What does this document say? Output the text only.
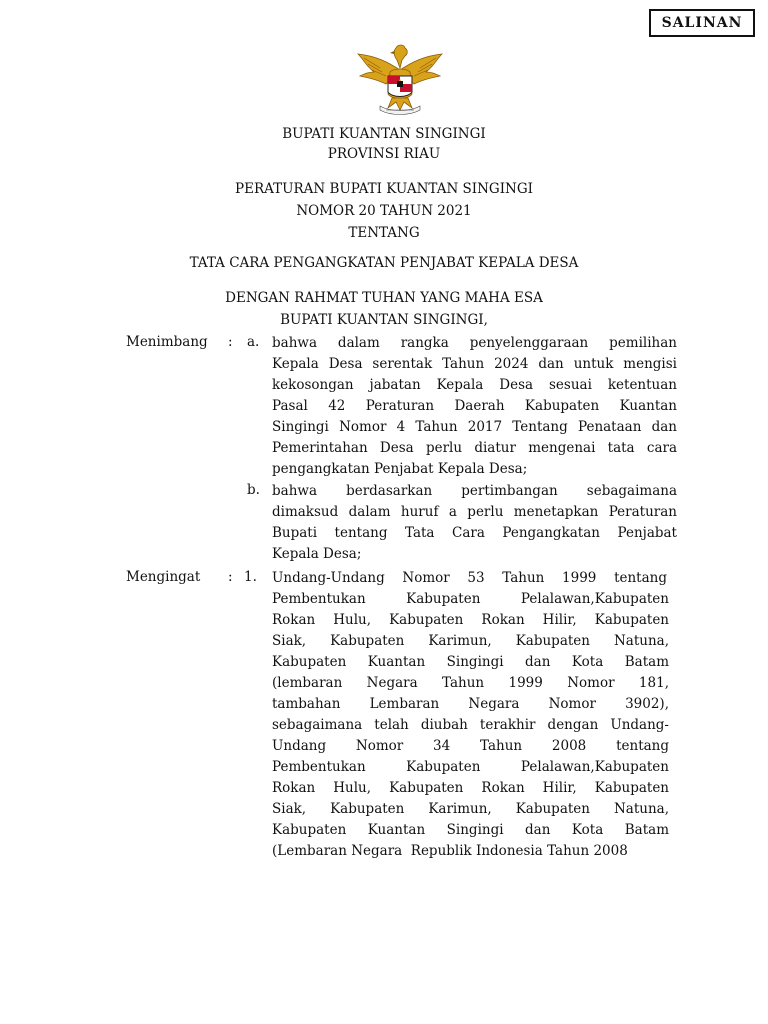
SALINAN
BUPATI KUANTAN SINGINGI
PROVINSI RIAU
PERATURAN BUPATI KUANTAN SINGINGI
NOMOR 20 TAHUN 2021
TENTANG
TATA CARA PENGANGKATAN PENJABAT KEPALA DESA
DENGAN RAHMAT TUHAN YANG MAHA ESA
BUPATI KUANTAN SINGINGI,
Menimbang : a. bahwa dalam rangka penyelenggaraan pemilihan
Kepala Desa serentak Tahun 2024 dan untuk mengisi
kekosongan jabatan Kepala Desa sesuai ketentuan
Pasal 42 Peraturan Daerah Kabupaten Kuantan
Singingi Nomor 4 Tahun 2017 Tentang Penataan dan
Pemerintahan Desa perlu diatur mengenai tata cara
pengangkatan Penjabat Kepala Desa;
b. bahwa berdasarkan pertimbangan sebagaimana
dimaksud dalam huruf a perlu menetapkan Peraturan
Bupati tentang Tata Cara Pengangkatan Penjabat
Kepala Desa;
Mengingat : 1. Undang-Undang Nomor 53 Tahun 1999 tentang
Pembentukan Kabupaten Pelalawan,Kabupaten
Rokan Hulu, Kabupaten Rokan Hilir, Kabupaten
Siak, Kabupaten Karimun, Kabupaten Natuna,
Kabupaten Kuantan Singingi dan Kota Batam
(lembaran Negara Tahun 1999 Nomor 181,
tambahan Lembaran Negara Nomor 3902),
sebagaimana telah diubah terakhir dengan Undang-
Undang Nomor 34 Tahun 2008 tentang
Pembentukan Kabupaten Pelalawan,Kabupaten
Rokan Hulu, Kabupaten Rokan Hilir, Kabupaten
Siak, Kabupaten Karimun, Kabupaten Natuna,
Kabupaten Kuantan Singingi dan Kota Batam
(Lembaran Negara  Republik Indonesia Tahun 2008
